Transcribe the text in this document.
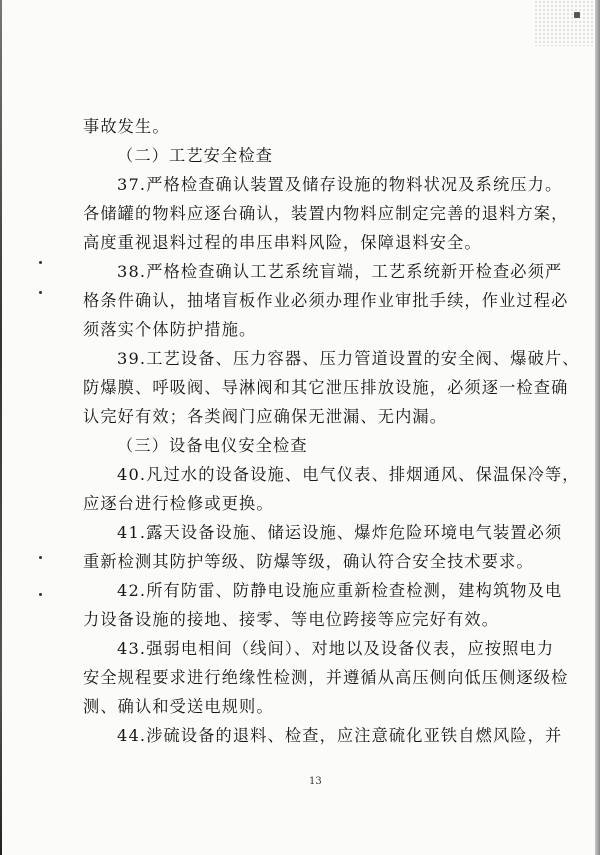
事故发生。
（二）工艺安全检查
37.严格检查确认装置及储存设施的物料状况及系统压力。
各储罐的物料应逐台确认，装置内物料应制定完善的退料方案，
高度重视退料过程的串压串料风险，保障退料安全。
38.严格检查确认工艺系统盲端，工艺系统新开检查必须严
格条件确认，抽堵盲板作业必须办理作业审批手续，作业过程必
须落实个体防护措施。
39.工艺设备、压力容器、压力管道设置的安全阀、爆破片、
防爆膜、呼吸阀、导淋阀和其它泄压排放设施，必须逐一检查确
认完好有效；各类阀门应确保无泄漏、无内漏。
（三）设备电仪安全检查
40.凡过水的设备设施、电气仪表、排烟通风、保温保冷等，
应逐台进行检修或更换。
41.露天设备设施、储运设施、爆炸危险环境电气装置必须
重新检测其防护等级、防爆等级，确认符合安全技术要求。
42.所有防雷、防静电设施应重新检查检测，建构筑物及电
力设备设施的接地、接零、等电位跨接等应完好有效。
43.强弱电相间（线间）、对地以及设备仪表，应按照电力
安全规程要求进行绝缘性检测，并遵循从高压侧向低压侧逐级检
测、确认和受送电规则。
44.涉硫设备的退料、检查，应注意硫化亚铁自燃风险，并
13
